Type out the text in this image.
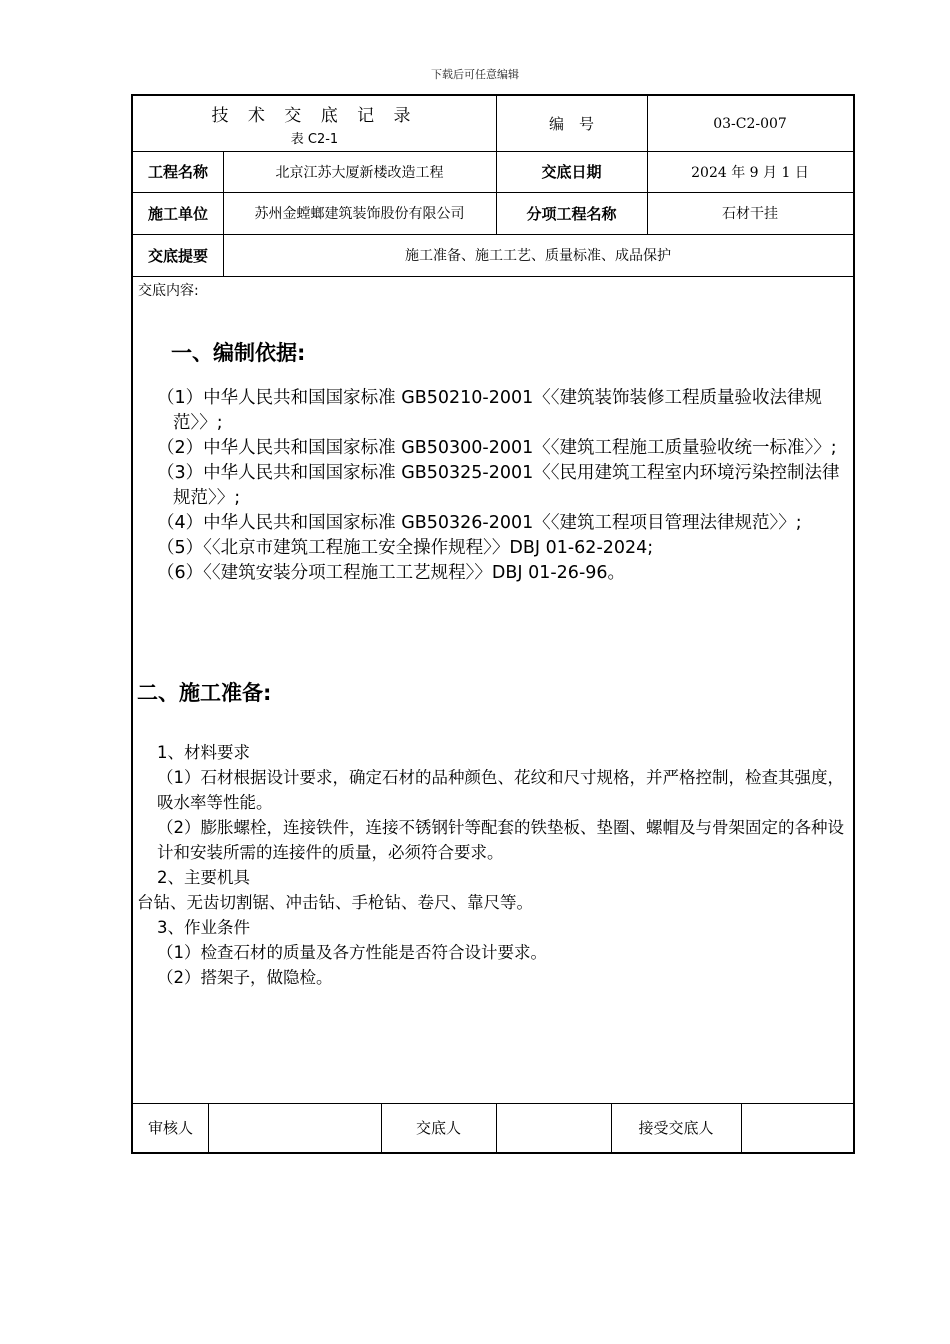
下载后可任意编辑
技 术 交 底 记 录
表 C2-1
编　号	03-C2-007
工程名称	北京江苏大厦新楼改造工程	交底日期	2024 年 9 月 1 日
施工单位	苏州金螳螂建筑装饰股份有限公司	分项工程名称	石材干挂
交底提要	施工准备、施工工艺、质量标准、成品保护
交底内容:
一、编制依据:
（1）中华人民共和国国家标准 GB50210-2001〈〈建筑装饰装修工程质量验收法律规范〉〉;
（2）中华人民共和国国家标准 GB50300-2001〈〈建筑工程施工质量验收统一标准〉〉;
（3）中华人民共和国国家标准 GB50325-2001〈〈民用建筑工程室内环境污染控制法律规范〉〉;
（4）中华人民共和国国家标准 GB50326-2001〈〈建筑工程项目管理法律规范〉〉;
（5）〈〈北京市建筑工程施工安全操作规程〉〉DBJ 01-62-2024;
（6）〈〈建筑安装分项工程施工工艺规程〉〉DBJ 01-26-96。
二、施工准备:
1、材料要求
（1）石材根据设计要求，确定石材的品种颜色、花纹和尺寸规格，并严格控制，检查其强度，吸水率等性能。
（2）膨胀螺栓，连接铁件，连接不锈钢针等配套的铁垫板、垫圈、螺帽及与骨架固定的各种设计和安装所需的连接件的质量，必须符合要求。
2、主要机具
台钻、无齿切割锯、冲击钻、手枪钻、卷尺、靠尺等。
3、作业条件
（1）检查石材的质量及各方性能是否符合设计要求。
（2）搭架子，做隐检。
审核人	交底人	接受交底人
